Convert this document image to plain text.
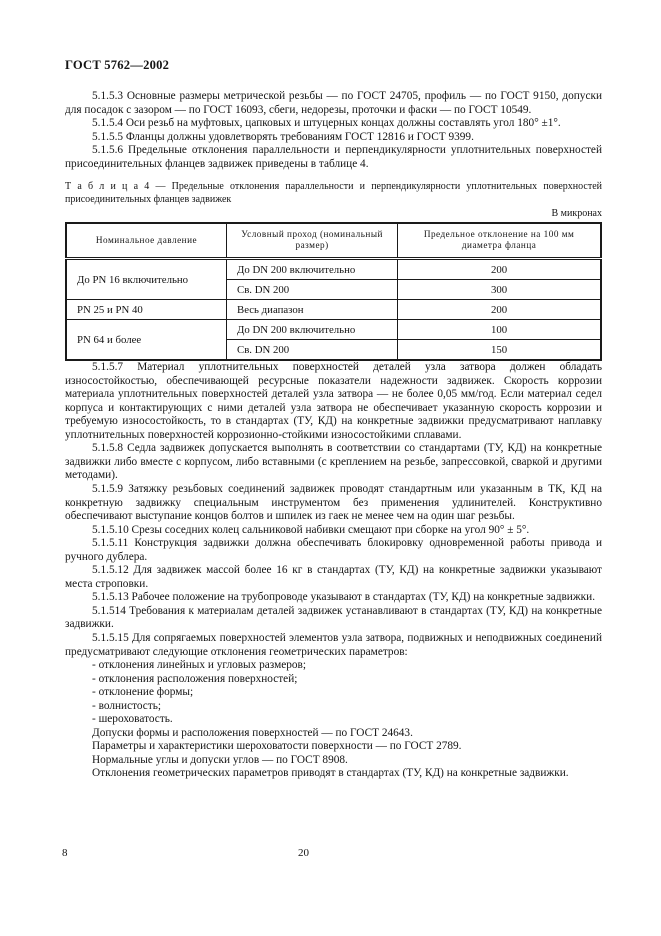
ГОСТ 5762—2002

5.1.5.3 Основные размеры метрической резьбы — по ГОСТ 24705, профиль — по ГОСТ 9150, допуски для посадок с зазором — по ГОСТ 16093, сбеги, недорезы, проточки и фаски — по ГОСТ 10549.

5.1.5.4 Оси резьб на муфтовых, цапковых и штуцерных концах должны составлять угол 180° ±1°.

5.1.5.5 Фланцы должны удовлетворять требованиям ГОСТ 12816 и ГОСТ 9399.

5.1.5.6 Предельные отклонения параллельности и перпендикулярности уплотнительных поверхностей присоединительных фланцев задвижек приведены в таблице 4.

Т а б л и ц а 4 — Предельные отклонения параллельности и перпендикулярности уплотнительных поверхностей присоединительных фланцев задвижек
В микронах
Номинальное давление	Условный проход (номинальный размер)	Предельное отклонение на 100 мм диаметра фланца
До PN 16 включительно	До DN 200 включительно	200
	Св. DN 200	300
PN 25 и PN 40	Весь диапазон	200
PN 64 и более	До DN 200 включительно	100
	Св. DN 200	150

5.1.5.7 Материал уплотнительных поверхностей деталей узла затвора должен обладать износостойкостью, обеспечивающей ресурсные показатели надежности задвижек. Скорость коррозии материала уплотнительных поверхностей деталей узла затвора — не более 0,05 мм/год. Если материал седел корпуса и контактирующих с ними деталей узла затвора не обеспечивает указанную скорость коррозии и требуемую износостойкость, то в стандартах (ТУ, КД) на конкретные задвижки предусматривают наплавку уплотнительных поверхностей коррозионно-стойкими износостойкими сплавами.

5.1.5.8 Седла задвижек допускается выполнять в соответствии со стандартами (ТУ, КД) на конкретные задвижки либо вместе с корпусом, либо вставными (с креплением на резьбе, запрессовкой, сваркой и другими методами).

5.1.5.9 Затяжку резьбовых соединений задвижек проводят стандартным или указанным в ТК, КД на конкретную задвижку специальным инструментом без применения удлинителей. Конструктивно обеспечивают выступание концов болтов и шпилек из гаек не менее чем на один шаг резьбы.

5.1.5.10 Срезы соседних колец сальниковой набивки смещают при сборке на угол 90° ± 5°.

5.1.5.11 Конструкция задвижки должна обеспечивать блокировку одновременной работы привода и ручного дублера.

5.1.5.12 Для задвижек массой более 16 кг в стандартах (ТУ, КД) на конкретные задвижки указывают места строповки.

5.1.5.13 Рабочее положение на трубопроводе указывают в стандартах (ТУ, КД) на конкретные задвижки.

5.1.514 Требования к материалам деталей задвижек устанавливают в стандартах (ТУ, КД) на конкретные задвижки.

5.1.5.15 Для сопрягаемых поверхностей элементов узла затвора, подвижных и неподвижных соединений предусматривают следующие отклонения геометрических параметров:

- отклонения линейных и угловых размеров;

- отклонения расположения поверхностей;

- отклонение формы;

- волнистость;

- шероховатость.

Допуски формы и расположения поверхностей — по ГОСТ 24643.

Параметры и характеристики шероховатости поверхности — по ГОСТ 2789.

Нормальные углы и допуски углов — по ГОСТ 8908.

Отклонения геометрических параметров приводят в стандартах (ТУ, КД) на конкретные задвижки.

8	20
